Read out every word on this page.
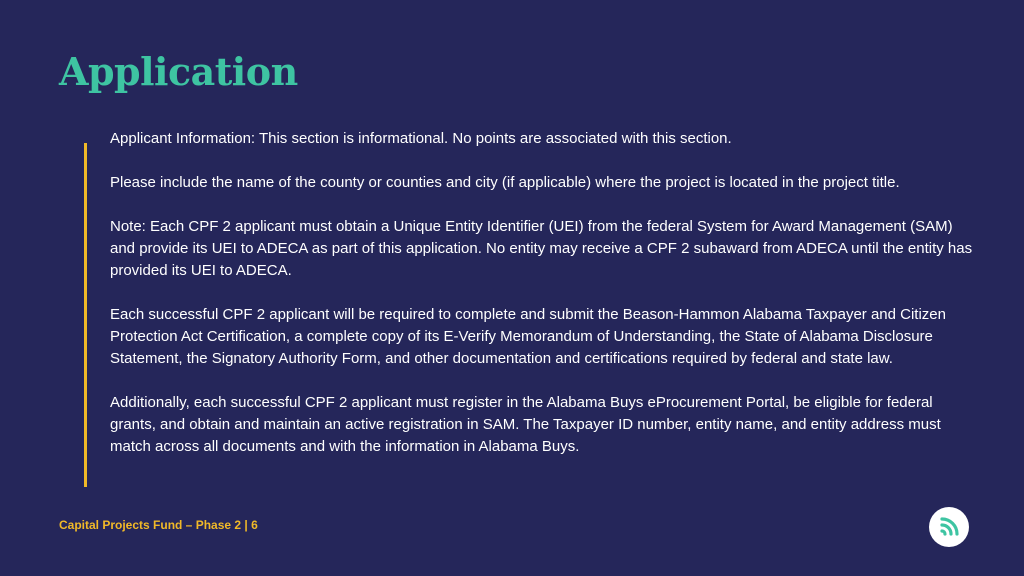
Application

Applicant Information: This section is informational. No points are associated with this section.

Please include the name of the county or counties and city (if applicable) where the project is located in the project title.

Note: Each CPF 2 applicant must obtain a Unique Entity Identifier (UEI) from the federal System for Award Management (SAM) and provide its UEI to ADECA as part of this application. No entity may receive a CPF 2 subaward from ADECA until the entity has provided its UEI to ADECA.

Each successful CPF 2 applicant will be required to complete and submit the Beason-Hammon Alabama Taxpayer and Citizen Protection Act Certification, a complete copy of its E-Verify Memorandum of Understanding, the State of Alabama Disclosure Statement, the Signatory Authority Form, and other documentation and certifications required by federal and state law.

Additionally, each successful CPF 2 applicant must register in the Alabama Buys eProcurement Portal, be eligible for federal grants, and obtain and maintain an active registration in SAM. The Taxpayer ID number, entity name, and entity address must match across all documents and with the information in Alabama Buys.

Capital Projects Fund – Phase 2 | 6
